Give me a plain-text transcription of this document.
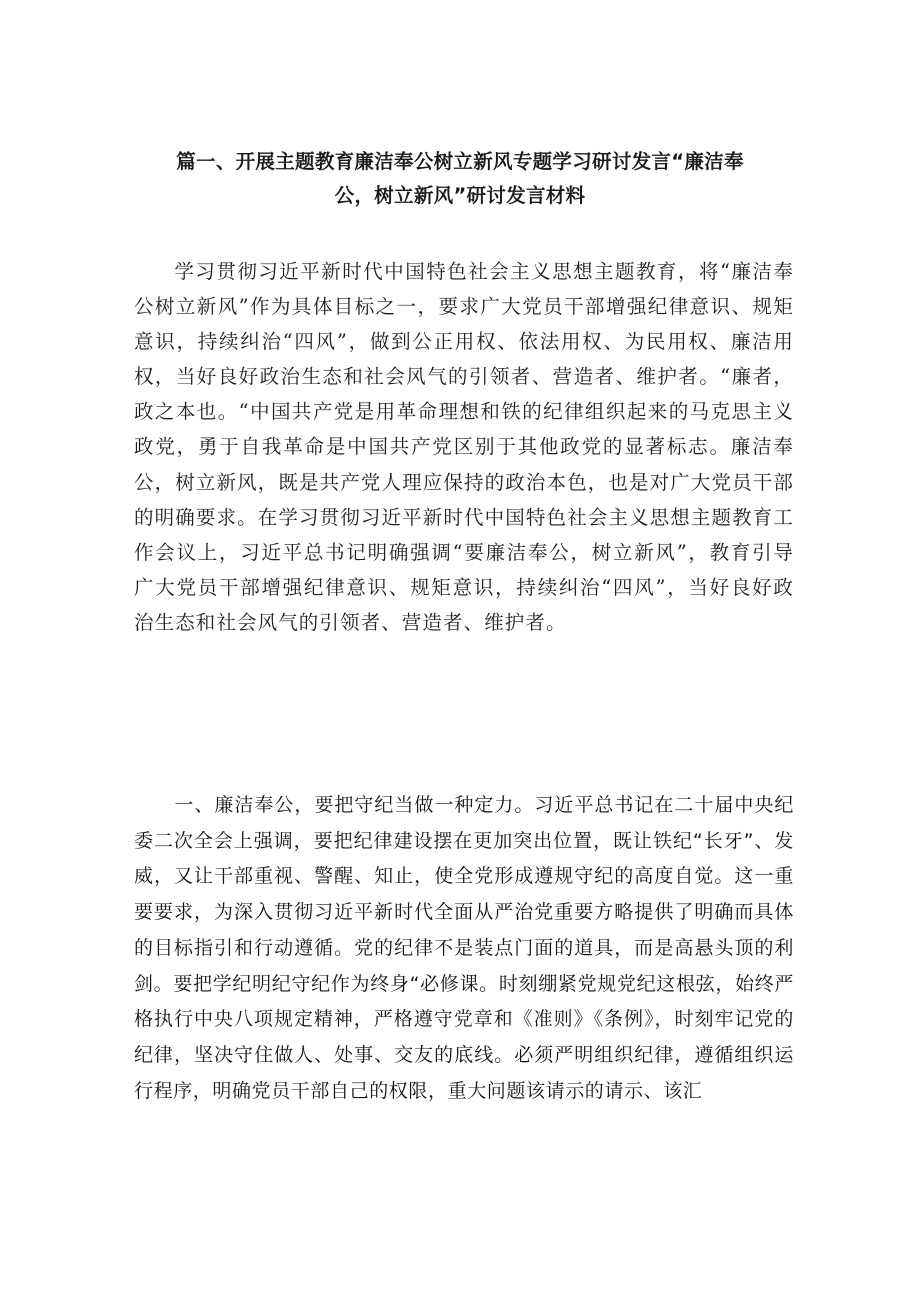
篇一、开展主题教育廉洁奉公树立新风专题学习研讨发言“廉洁奉
公，树立新风”研讨发言材料

学习贯彻习近平新时代中国特色社会主义思想主题教育，将“廉洁奉公树立新风”作为具体目标之一，要求广大党员干部增强纪律意识、规矩意识，持续纠治“四风”，做到公正用权、依法用权、为民用权、廉洁用权，当好良好政治生态和社会风气的引领者、营造者、维护者。“廉者，政之本也。“中国共产党是用革命理想和铁的纪律组织起来的马克思主义政党，勇于自我革命是中国共产党区别于其他政党的显著标志。廉洁奉公，树立新风，既是共产党人理应保持的政治本色，也是对广大党员干部的明确要求。在学习贯彻习近平新时代中国特色社会主义思想主题教育工作会议上，习近平总书记明确强调“要廉洁奉公，树立新风”，教育引导广大党员干部增强纪律意识、规矩意识，持续纠治“四风”，当好良好政治生态和社会风气的引领者、营造者、维护者。

一、廉洁奉公，要把守纪当做一种定力。习近平总书记在二十届中央纪委二次全会上强调，要把纪律建设摆在更加突出位置，既让铁纪“长牙”、发威，又让干部重视、警醒、知止，使全党形成遵规守纪的高度自觉。这一重要要求，为深入贯彻习近平新时代全面从严治党重要方略提供了明确而具体的目标指引和行动遵循。党的纪律不是装点门面的道具，而是高悬头顶的利剑。要把学纪明纪守纪作为终身“必修课。时刻绷紧党规党纪这根弦，始终严格执行中央八项规定精神，严格遵守党章和《准则》《条例》，时刻牢记党的纪律，坚决守住做人、处事、交友的底线。必须严明组织纪律，遵循组织运行程序，明确党员干部自己的权限，重大问题该请示的请示、该汇
